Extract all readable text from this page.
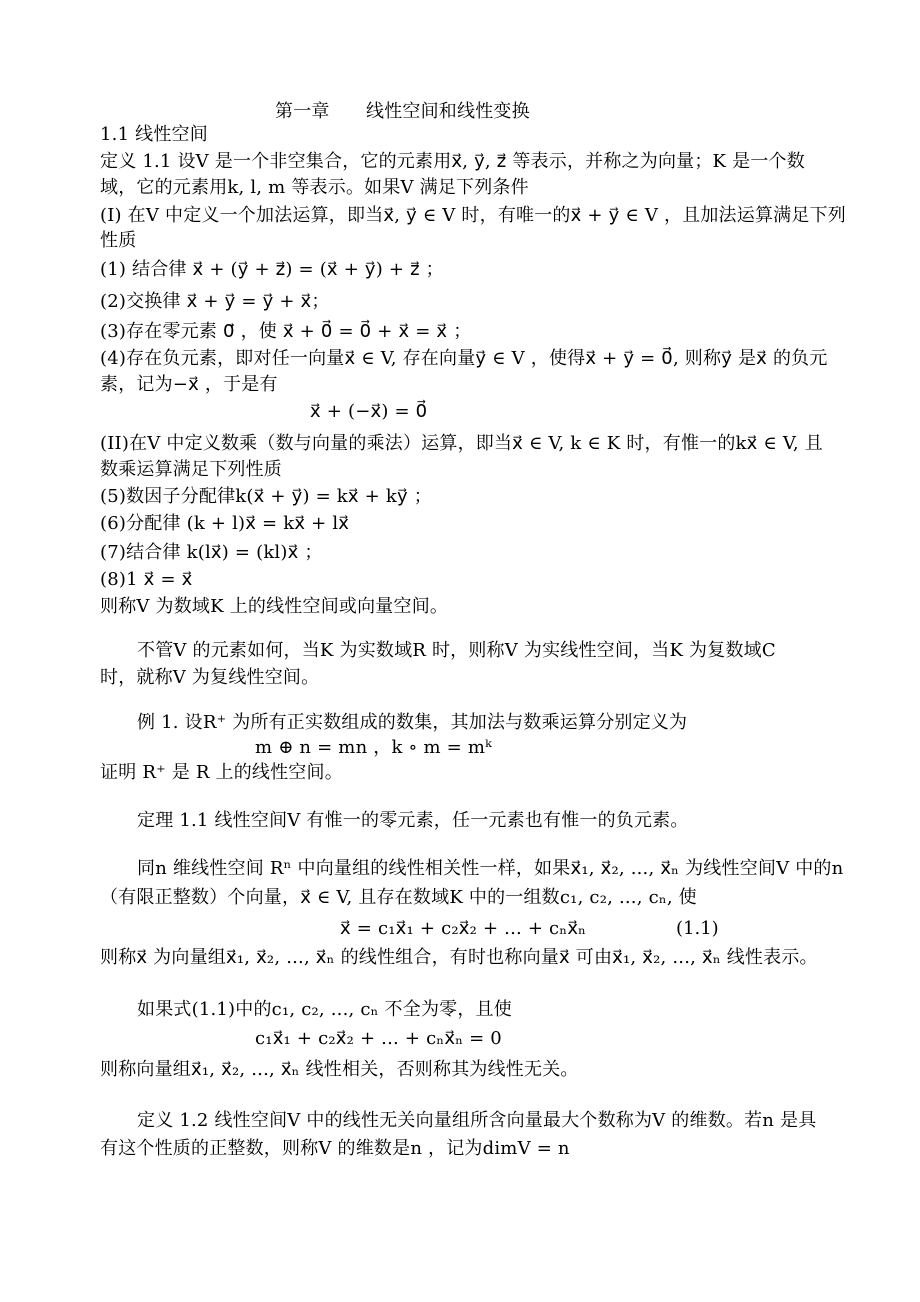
第一章　　线性空间和线性变换
1.1 线性空间
定义 1.1 设V 是一个非空集合，它的元素用x⃗, y⃗, z⃗ 等表示，并称之为向量；K 是一个数
域，它的元素用k, l, m 等表示。如果V 满足下列条件
(I) 在V 中定义一个加法运算，即当x⃗, y⃗ ∈ V 时，有唯一的x⃗ + y⃗ ∈ V ，且加法运算满足下列
性质
(1) 结合律 x⃗ + (y⃗ + z⃗) = (x⃗ + y⃗) + z⃗ ；
(2)交换律 x⃗ + y⃗ = y⃗ + x⃗；
(3)存在零元素 0⃗ ，使 x⃗ + 0⃗ = 0⃗ + x⃗ = x⃗ ；
(4)存在负元素，即对任一向量x⃗ ∈ V, 存在向量y⃗ ∈ V ，使得x⃗ + y⃗ = 0⃗, 则称y⃗ 是x⃗ 的负元
素，记为−x⃗ ，于是有
x⃗ + (−x⃗) = 0⃗
(II)在V 中定义数乘（数与向量的乘法）运算，即当x⃗ ∈ V, k ∈ K 时，有惟一的kx⃗ ∈ V, 且
数乘运算满足下列性质
(5)数因子分配律k(x⃗ + y⃗) = kx⃗ + ky⃗ ；
(6)分配律 (k + l)x⃗ = kx⃗ + lx⃗
(7)结合律 k(lx⃗) = (kl)x⃗ ；
(8)1 x⃗ = x⃗
则称V 为数域K 上的线性空间或向量空间。
不管V 的元素如何，当K 为实数域R 时，则称V 为实线性空间，当K 为复数域C
时，就称V 为复线性空间。
例 1. 设R⁺ 为所有正实数组成的数集，其加法与数乘运算分别定义为
m ⊕ n = mn ，k ∘ m = mᵏ
证明 R⁺ 是 R 上的线性空间。
定理 1.1 线性空间V 有惟一的零元素，任一元素也有惟一的负元素。
同n 维线性空间 Rⁿ 中向量组的线性相关性一样，如果x⃗₁, x⃗₂, ..., x⃗ₙ 为线性空间V 中的n
（有限正整数）个向量，x⃗ ∈ V, 且存在数域K 中的一组数c₁, c₂, ..., cₙ, 使
x⃗ = c₁x⃗₁ + c₂x⃗₂ + ... + cₙx⃗ₙ	(1.1)
则称x⃗ 为向量组x⃗₁, x⃗₂, ..., x⃗ₙ 的线性组合，有时也称向量x⃗ 可由x⃗₁, x⃗₂, ..., x⃗ₙ 线性表示。
如果式(1.1)中的c₁, c₂, ..., cₙ 不全为零，且使
c₁x⃗₁ + c₂x⃗₂ + ... + cₙx⃗ₙ = 0
则称向量组x⃗₁, x⃗₂, ..., x⃗ₙ 线性相关，否则称其为线性无关。
定义 1.2 线性空间V 中的线性无关向量组所含向量最大个数称为V 的维数。若n 是具
有这个性质的正整数，则称V 的维数是n ，记为dimV = n
